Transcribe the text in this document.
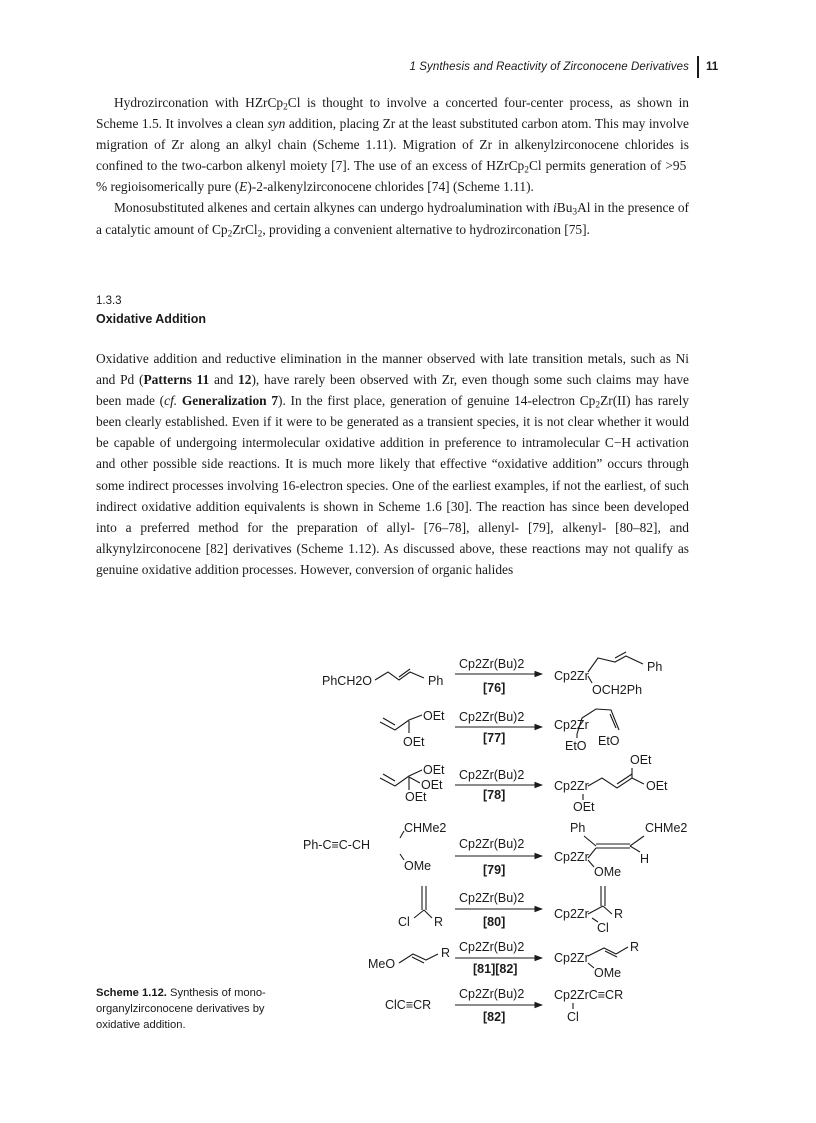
1 Synthesis and Reactivity of Zirconocene Derivatives 11

Hydrozirconation with HZrCp$_2$Cl is thought to involve a concerted four-center process, as shown in Scheme 1.5. It involves a clean syn addition, placing Zr at the least substituted carbon atom. This may involve migration of Zr along an alkyl chain (Scheme 1.11). Migration of Zr in alkenylzirconocene chlorides is confined to the two-carbon alkenyl moiety [7]. The use of an excess of HZrCp$_2$Cl permits generation of >95 % regioisomerically pure (E)-2-alkenylzirconocene chlorides [74] (Scheme 1.11).

Monosubstituted alkenes and certain alkynes can undergo hydroalumination with iBu$_3$Al in the presence of a catalytic amount of $Cp_2ZrCl_2$, providing a convenient alternative to hydrozirconation [75].

1.3.3
Oxidative Addition

Oxidative addition and reductive elimination in the manner observed with late transition metals, such as Ni and Pd (Patterns 11 and 12), have rarely been observed with Zr, even though some such claims may have been made (cf. Generalization 7). In the first place, generation of genuine 14-electron $Cp_2Zr(II)$ has rarely been clearly established. Even if it were to be generated as a transient species, it is not clear whether it would be capable of undergoing intermolecular oxidative addition in preference to intramolecular C−H activation and other possible side reactions. It is much more likely that effective “oxidative addition” occurs through some indirect processes involving 16-electron species. One of the earliest examples, if not the earliest, of such indirect oxidative addition equivalents is shown in Scheme 1.6 [30]. The reaction has since been developed into a preferred method for the preparation of allyl- [76–78], allenyl- [79], alkenyl- [80–82], and alkynylzirconocene [82] derivatives (Scheme 1.12). As discussed above, these reactions may not qualify as genuine oxidative addition processes. However, conversion of organic halides

PhCH2O	Ph
Cp2Zr(Bu)2
[76]
Cp2Zr
Ph
OCH2Ph
OEt
OEt
Cp2Zr(Bu)2
[77]
Cp2Zr
EtO EtO
OEt
OEt
OEt
Cp2Zr(Bu)2
[78]
Cp2Zr
OEt
OEt
OEt
Ph-C≡C-CH
CHMe2
OMe
Cp2Zr(Bu)2
[79]
Ph	CHMe2
Cp2Zr	H
OMe
Cl R
Cp2Zr(Bu)2
[80]
Cp2Zr R
Cl
MeO
R Cp2Zr(Bu)2
[81][82]
Cp2Zr
R
OMe
ClC≡CR
Cp2Zr(Bu)2
[82]
Cp2ZrC≡CR
Cl
Scheme 1.12. Synthesis of mono-organylzirconocene derivatives by oxidative addition.
